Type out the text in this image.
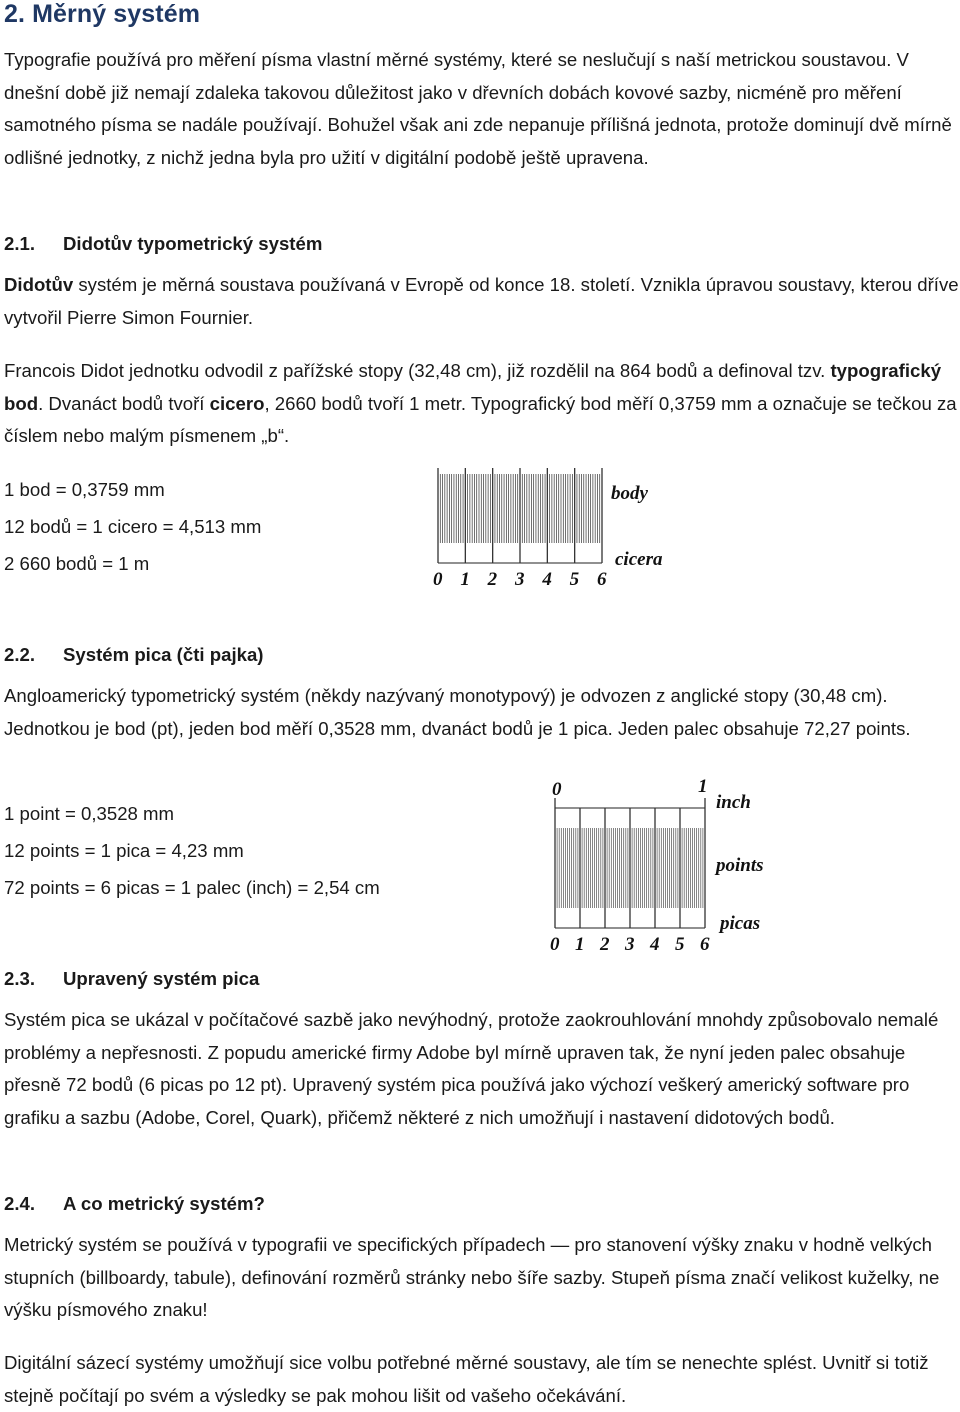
2. Měrný systém

Typografie používá pro měření písma vlastní měrné systémy, které se neslučují s naší metrickou soustavou. V dnešní době již nemají zdaleka takovou důležitost jako v dřevních dobách kovové sazby, nicméně pro měření samotného písma se nadále používají. Bohužel však ani zde nepanuje přílišná jednota, protože dominují dvě mírně odlišné jednotky, z nichž jedna byla pro užití v digitální podobě ještě upravena.

2.1. Didotův typometrický systém

Didotův systém je měrná soustava používaná v Evropě od konce 18. století. Vznikla úpravou soustavy, kterou dříve vytvořil Pierre Simon Fournier.

Francois Didot jednotku odvodil z pařížské stopy (32,48 cm), již rozdělil na 864 bodů a definoval tzv. typografický bod. Dvanáct bodů tvoří cicero, 2660 bodů tvoří 1 metr. Typografický bod měří 0,3759 mm a označuje se tečkou za číslem nebo malým písmenem „b“.

1 bod = 0,3759 mm
12 bodů = 1 cicero = 4,513 mm
2 660 bodů = 1 m
body
cicera
0 1 2 3 4 5 6
2.2. Systém pica (čti pajka)

Angloamerický typometrický systém (někdy nazývaný monotypový) je odvozen z anglické stopy (30,48 cm). Jednotkou je bod (pt), jeden bod měří 0,3528 mm, dvanáct bodů je 1 pica. Jeden palec obsahuje 72,27 points.

1 point = 0,3528 mm
12 points = 1 pica = 4,23 mm
72 points = 6 picas = 1 palec (inch) = 2,54 cm
0	1
inch
points
picas
0 1 2 3 4 5 6
2.3. Upravený systém pica

Systém pica se ukázal v počítačové sazbě jako nevýhodný, protože zaokrouhlování mnohdy způsobovalo nemalé problémy a nepřesnosti. Z popudu americké firmy Adobe byl mírně upraven tak, že nyní jeden palec obsahuje přesně 72 bodů (6 picas po 12 pt). Upravený systém pica používá jako výchozí veškerý americký software pro grafiku a sazbu (Adobe, Corel, Quark), přičemž některé z nich umožňují i nastavení didotových bodů.

2.4. A co metrický systém?

Metrický systém se používá v typografii ve specifických případech — pro stanovení výšky znaku v hodně velkých stupních (billboardy, tabule), definování rozměrů stránky nebo šíře sazby. Stupeň písma značí velikost kuželky, ne výšku písmového znaku!

Digitální sázecí systémy umožňují sice volbu potřebné měrné soustavy, ale tím se nenechte splést. Uvnitř si totiž stejně počítají po svém a výsledky se pak mohou lišit od vašeho očekávání.
